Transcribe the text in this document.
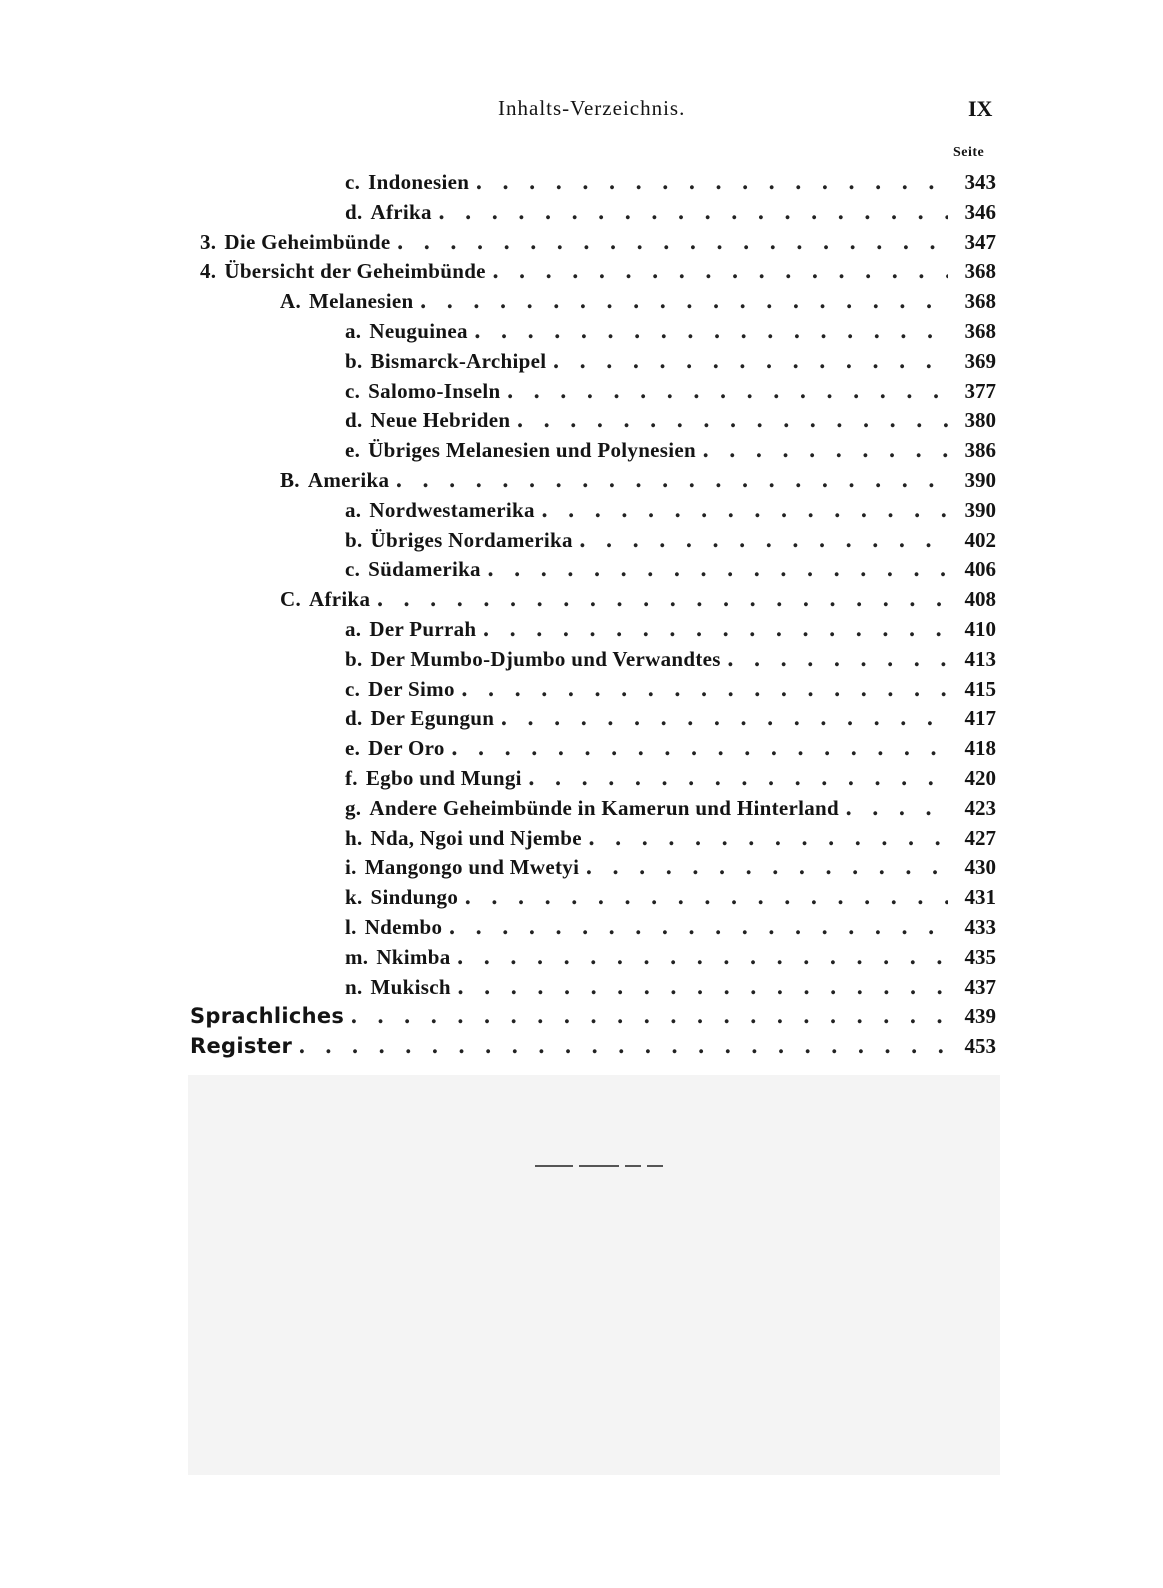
Inhalts-Verzeichnis.	IX
Seite
c. Indonesien . . .	343
d. Afrika . . .	346
3. Die Geheimbünde . . .	347
4. Übersicht der Geheimbünde . . .	368
A. Melanesien . . .	368
a. Neuguinea . . .	368
b. Bismarck-Archipel . . .	369
c. Salomo-Inseln . . .	377
d. Neue Hebriden . . .	380
e. Übriges Melanesien und Polynesien . . .	386
B. Amerika . . .	390
a. Nordwestamerika . . .	390
b. Übriges Nordamerika . . .	402
c. Südamerika . . .	406
C. Afrika . . .	408
a. Der Purrah . . .	410
b. Der Mumbo-Djumbo und Verwandtes . . .	413
c. Der Simo . . .	415
d. Der Egungun . . .	417
e. Der Oro . . .	418
f. Egbo und Mungi . . .	420
g. Andere Geheimbünde in Kamerun und Hinterland . . .	423
h. Nda, Ngoi und Njembe . . .	427
i. Mangongo und Mwetyi . . .	430
k. Sindungo . . .	431
l. Ndembo . . .	433
m. Nkimba . . .	435
n. Mukisch . . .	437
Sprachliches . . .	439
Register . . .	453
